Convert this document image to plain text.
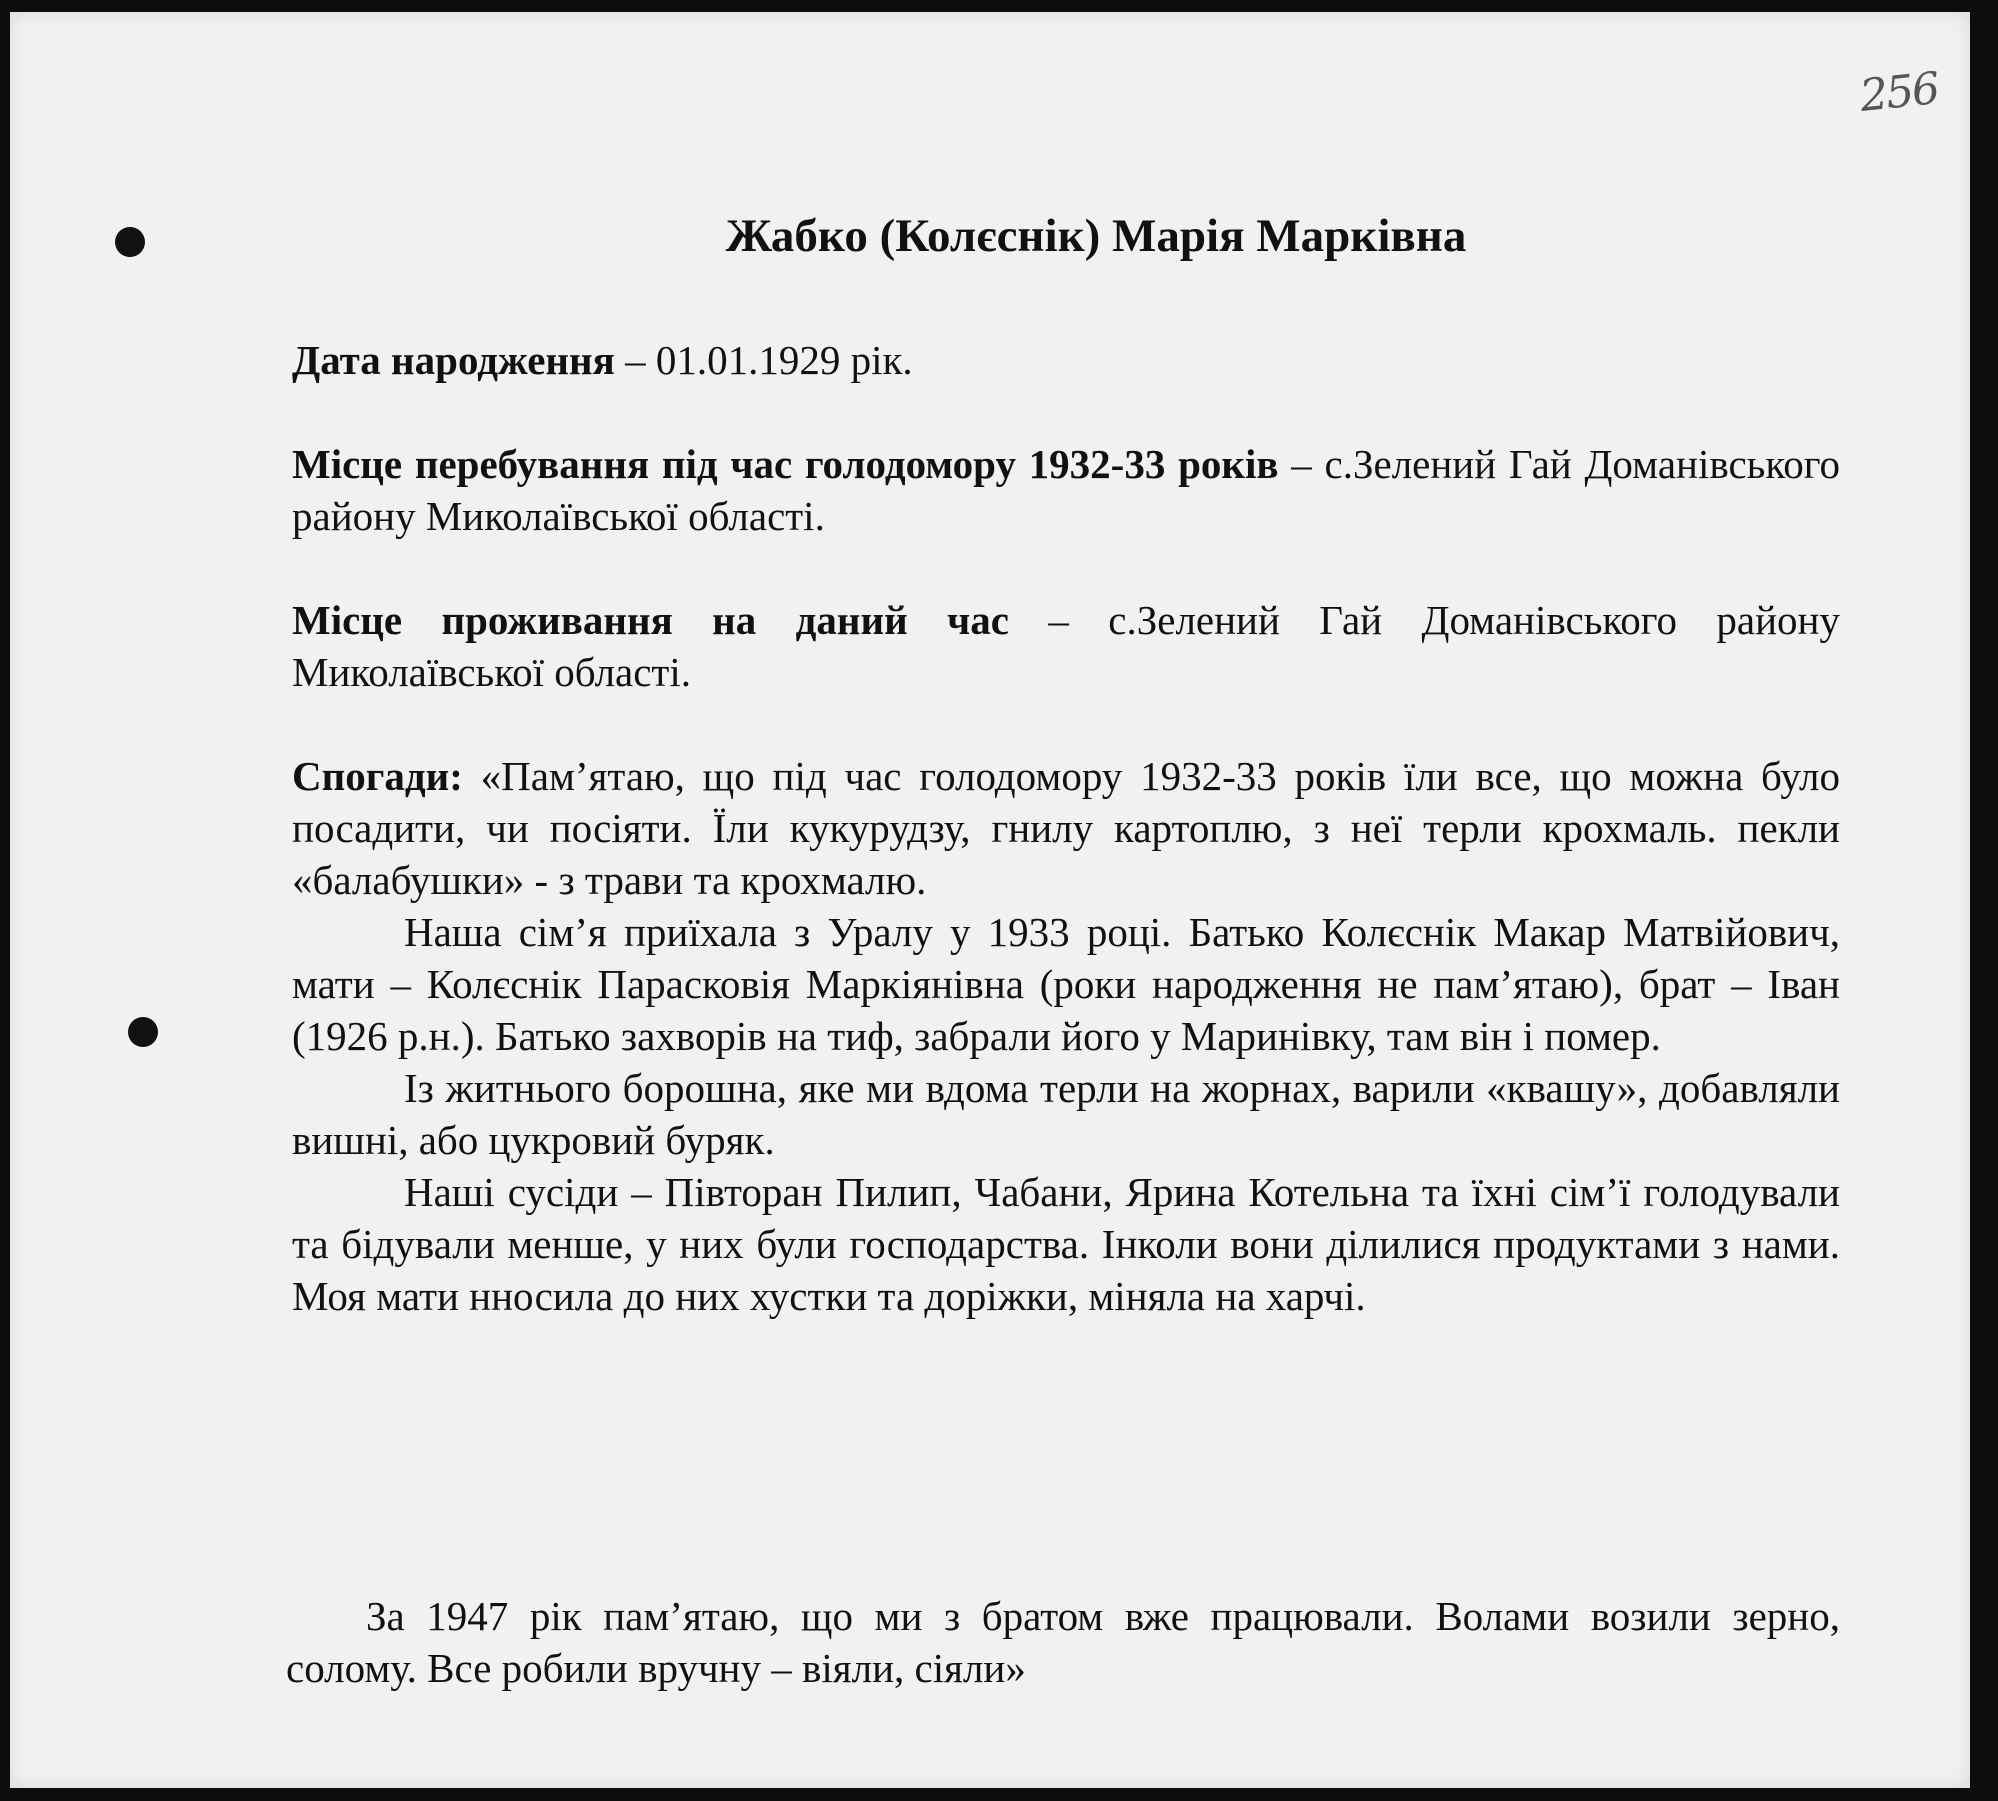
256
Жабко (Колєснік) Марія Марківна
Дата народження – 01.01.1929 рік.
Місце перебування під час голодомору 1932-33 років – с.Зелений Гай Доманівського району Миколаївської області.
Місце проживання на даний час – с.Зелений Гай Доманівського району Миколаївської області.

Спогади: «Пам’ятаю, що під час голодомору 1932-33 років їли все, що можна було посадити, чи посіяти. Їли кукурудзу, гнилу картоплю, з неї терли крохмаль. пекли «балабушки» - з трави та крохмалю.

Наша сім’я приїхала з Уралу у 1933 році. Батько Колєснік Макар Матвійович, мати – Колєснік Парасковія Маркіянівна (роки народження не пам’ятаю), брат – Іван (1926 р.н.). Батько захворів на тиф, забрали його у Маринівку, там він і помер.

Із житнього борошна, яке ми вдома терли на жорнах, варили «квашу», добавляли вишні, або цукровий буряк.

Наші сусіди – Півторан Пилип, Чабани, Ярина Котельна та їхні сім’ї голодували та бідували менше, у них були господарства. Інколи вони ділилися продуктами з нами. Моя мати нносила до них хустки та доріжки, міняла на харчі.

За 1947 рік пам’ятаю, що ми з братом вже працювали. Волами возили зерно, солому. Все робили вручну – віяли, сіяли»
